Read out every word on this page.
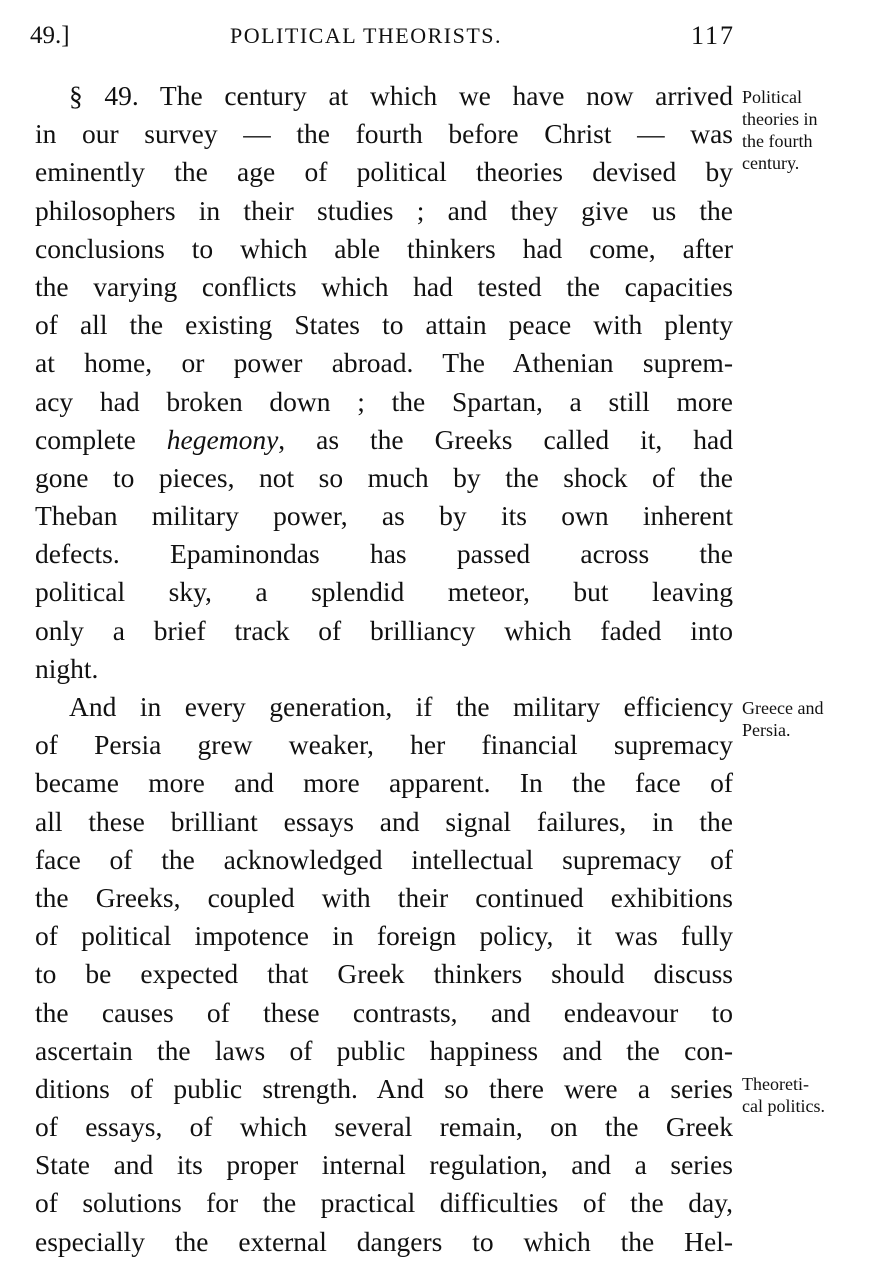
49.]	POLITICAL THEORISTS.	117
§ 49. The century at which we have now arrived
in our survey — the fourth before Christ — was
eminently the age of political theories devised by
philosophers in their studies ; and they give us the
conclusions to which able thinkers had come, after
the varying conflicts which had tested the capacities
of all the existing States to attain peace with plenty
at home, or power abroad. The Athenian suprem-
acy had broken down ; the Spartan, a still more
complete hegemony, as the Greeks called it, had
gone to pieces, not so much by the shock of the
Theban military power, as by its own inherent
defects. Epaminondas has passed across the
political sky, a splendid meteor, but leaving
only a brief track of brilliancy which faded into
night.
And in every generation, if the military efficiency
of Persia grew weaker, her financial supremacy
became more and more apparent. In the face of
all these brilliant essays and signal failures, in the
face of the acknowledged intellectual supremacy of
the Greeks, coupled with their continued exhibitions
of political impotence in foreign policy, it was fully
to be expected that Greek thinkers should discuss
the causes of these contrasts, and endeavour to
ascertain the laws of public happiness and the con-
ditions of public strength. And so there were a series
of essays, of which several remain, on the Greek
State and its proper internal regulation, and a series
of solutions for the practical difficulties of the day,
especially the external dangers to which the Hel-
Political
theories in
the fourth
century.
Greece and
Persia.
Theoreti-
cal politics.
